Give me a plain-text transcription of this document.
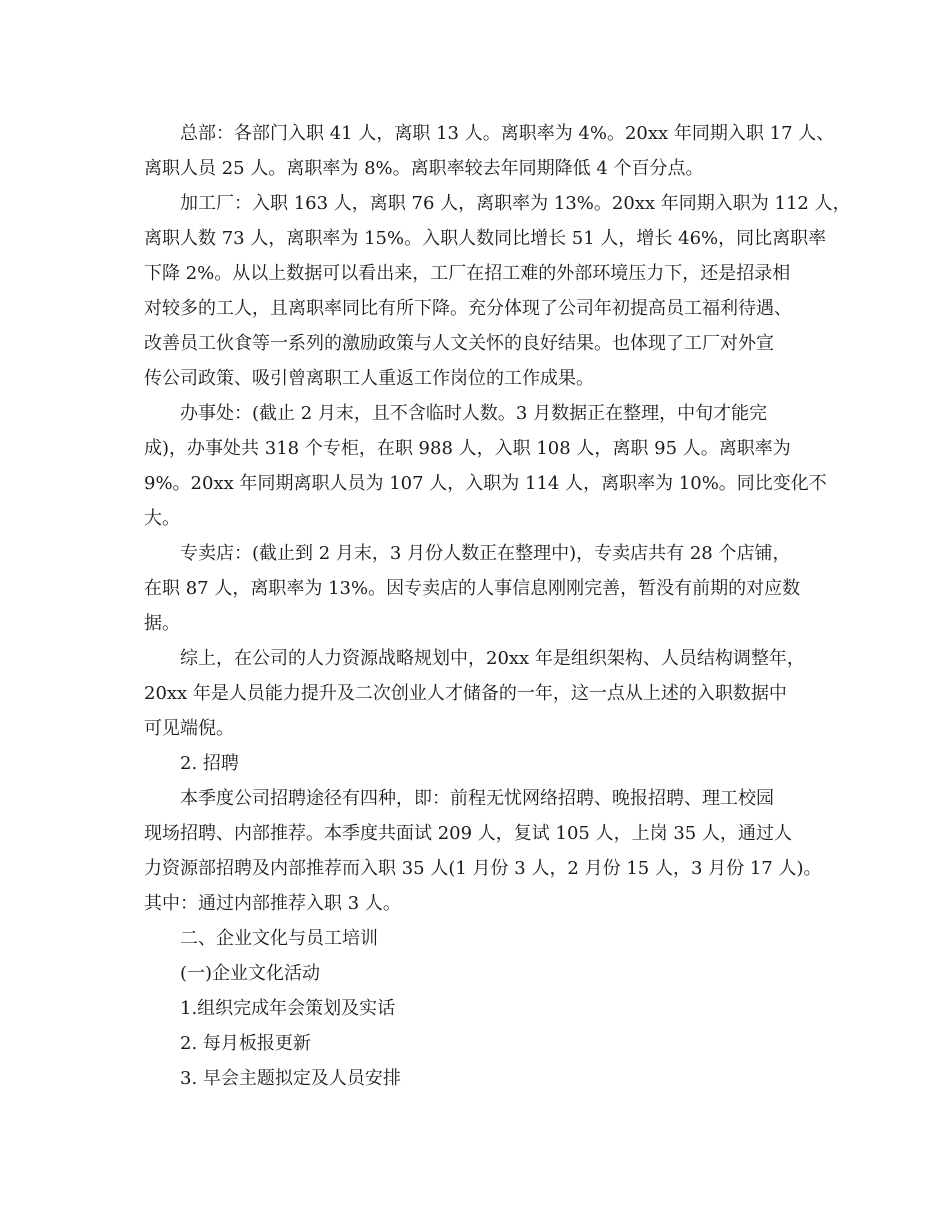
总部：各部门入职 41 人，离职 13 人。离职率为 4%。20xx 年同期入职 17 人、
离职人员 25 人。离职率为 8%。离职率较去年同期降低 4 个百分点。
加工厂：入职 163 人，离职 76 人，离职率为 13%。20xx 年同期入职为 112 人，
离职人数 73 人，离职率为 15%。入职人数同比增长 51 人，增长 46%，同比离职率
下降 2%。从以上数据可以看出来，工厂在招工难的外部环境压力下，还是招录相
对较多的工人，且离职率同比有所下降。充分体现了公司年初提高员工福利待遇、
改善员工伙食等一系列的激励政策与人文关怀的良好结果。也体现了工厂对外宣
传公司政策、吸引曾离职工人重返工作岗位的工作成果。
办事处：(截止 2 月末，且不含临时人数。3 月数据正在整理，中旬才能完
成)，办事处共 318 个专柜，在职 988 人，入职 108 人，离职 95 人。离职率为
9%。20xx 年同期离职人员为 107 人，入职为 114 人，离职率为 10%。同比变化不
大。
专卖店：(截止到 2 月末，3 月份人数正在整理中)，专卖店共有 28 个店铺，
在职 87 人，离职率为 13%。因专卖店的人事信息刚刚完善，暂没有前期的对应数
据。
综上，在公司的人力资源战略规划中，20xx 年是组织架构、人员结构调整年，
20xx 年是人员能力提升及二次创业人才储备的一年，这一点从上述的入职数据中
可见端倪。
2. 招聘
本季度公司招聘途径有四种，即：前程无忧网络招聘、晚报招聘、理工校园
现场招聘、内部推荐。本季度共面试 209 人，复试 105 人，上岗 35 人，通过人
力资源部招聘及内部推荐而入职 35 人(1 月份 3 人，2 月份 15 人，3 月份 17 人)。
其中：通过内部推荐入职 3 人。
二、企业文化与员工培训
(一)企业文化活动
1.组织完成年会策划及实话
2. 每月板报更新
3. 早会主题拟定及人员安排
